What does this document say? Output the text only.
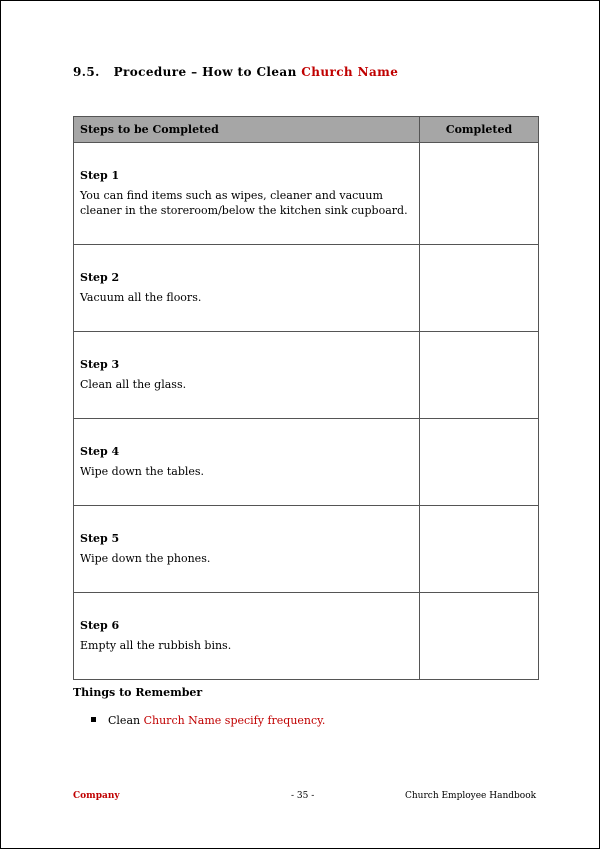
9.5. Procedure – How to Clean Church Name
Steps to be Completed	Completed

Step 1
You can find items such as wipes, cleaner and vacuum cleaner in the storeroom/below the kitchen sink cupboard.	

Step 2
Vacuum all the floors.	

Step 3
Clean all the glass.	

Step 4
Wipe down the tables.	

Step 5
Wipe down the phones.	

Step 6
Empty all the rubbish bins.	

Things to Remember
Clean Church Name specify frequency.
Company	- 35 -	Church Employee Handbook
